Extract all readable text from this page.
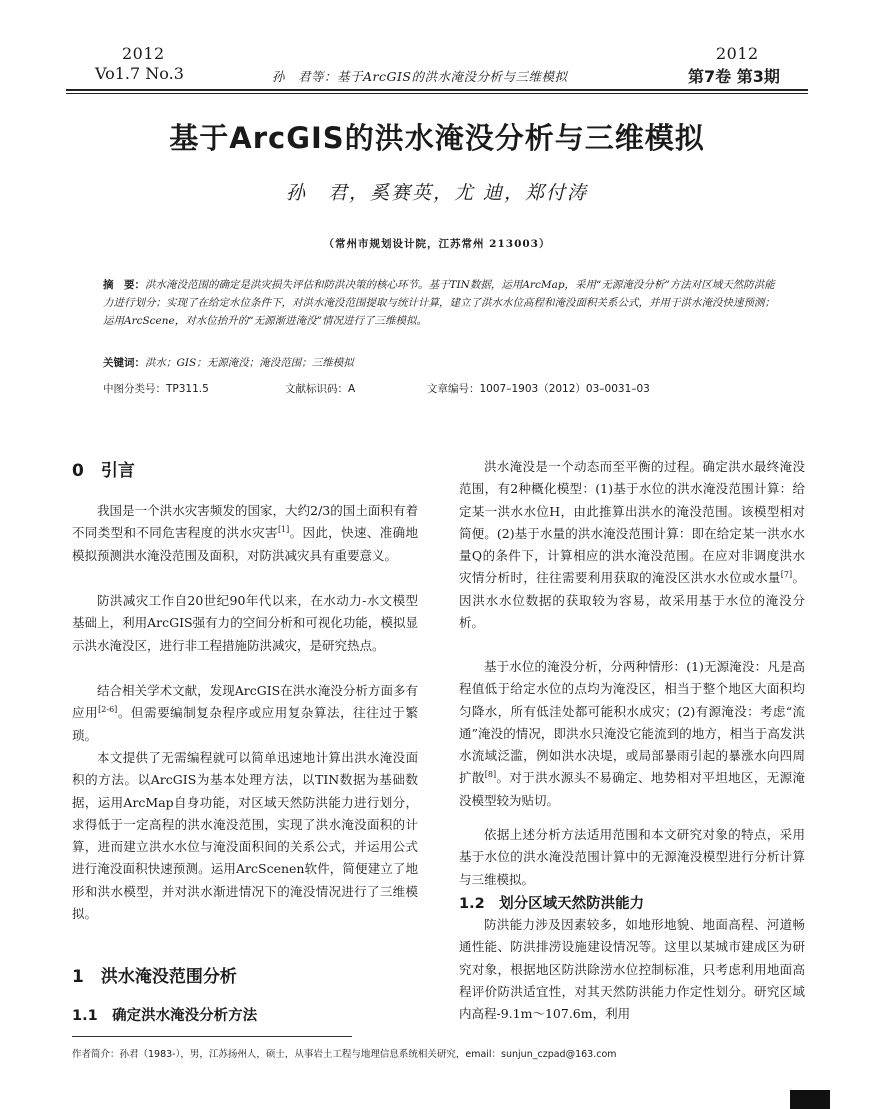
2012	2012
Vo1.7 No.3	孙　君等：基于ArcGIS的洪水淹没分析与三维模拟	第7卷 第3期
基于ArcGIS的洪水淹没分析与三维模拟
孙　君，奚赛英，尤 迪，郑付涛
（常州市规划设计院，江苏常州 213003）
摘　要：洪水淹没范围的确定是洪灾损失评估和防洪决策的核心环节。基于TIN数据，运用ArcMap，采用“无源淹没分析”方法对区域天然防洪能力进行划分；实现了在给定水位条件下，对洪水淹没范围提取与统计计算，建立了洪水水位高程和淹没面积关系公式，并用于洪水淹没快速预测；运用ArcScene，对水位抬升的“无源渐进淹没”情况进行了三维模拟。
关键词：洪水；GIS；无源淹没；淹没范围；三维模拟
中图分类号：TP311.5	文献标识码：A	文章编号：1007–1903（2012）03–0031–03
0　引言
我国是一个洪水灾害频发的国家，大约2/3的国土面积有着不同类型和不同危害程度的洪水灾害[1]。因此，快速、准确地模拟预测洪水淹没范围及面积，对防洪减灾具有重要意义。
防洪减灾工作自20世纪90年代以来，在水动力-水文模型基础上，利用ArcGIS强有力的空间分析和可视化功能，模拟显示洪水淹没区，进行非工程措施防洪减灾，是研究热点。
结合相关学术文献，发现ArcGIS在洪水淹没分析方面多有应用[2-6]。但需要编制复杂程序或应用复杂算法，往往过于繁琐。
本文提供了无需编程就可以简单迅速地计算出洪水淹没面积的方法。以ArcGIS为基本处理方法，以TIN数据为基础数据，运用ArcMap自身功能，对区域天然防洪能力进行划分，求得低于一定高程的洪水淹没范围，实现了洪水淹没面积的计算，进而建立洪水水位与淹没面积间的关系公式，并运用公式进行淹没面积快速预测。运用ArcScenen软件，简便建立了地形和洪水模型，并对洪水渐进情况下的淹没情况进行了三维模拟。
1　洪水淹没范围分析
1.1　确定洪水淹没分析方法
洪水淹没是一个动态而至平衡的过程。确定洪水最终淹没范围，有2种概化模型：(1)基于水位的洪水淹没范围计算：给定某一洪水水位H，由此推算出洪水的淹没范围。该模型相对简便。(2)基于水量的洪水淹没范围计算：即在给定某一洪水水量Q的条件下，计算相应的洪水淹没范围。在应对非调度洪水灾情分析时，往往需要利用获取的淹没区洪水水位或水量[7]。因洪水水位数据的获取较为容易，故采用基于水位的淹没分析。
基于水位的淹没分析，分两种情形：(1)无源淹没：凡是高程值低于给定水位的点均为淹没区，相当于整个地区大面积均匀降水，所有低洼处都可能积水成灾；(2)有源淹没：考虑“流通”淹没的情况，即洪水只淹没它能流到的地方，相当于高发洪水流域泛滥，例如洪水决堤，或局部暴雨引起的暴涨水向四周扩散[8]。对于洪水源头不易确定、地势相对平坦地区，无源淹没模型较为贴切。
依据上述分析方法适用范围和本文研究对象的特点，采用基于水位的洪水淹没范围计算中的无源淹没模型进行分析计算与三维模拟。
1.2　划分区域天然防洪能力
防洪能力涉及因素较多，如地形地貌、地面高程、河道畅通性能、防洪排涝设施建设情况等。这里以某城市建成区为研究对象，根据地区防洪除涝水位控制标准，只考虑利用地面高程评价防洪适宜性，对其天然防洪能力作定性划分。研究区域内高程-9.1m～107.6m，利用
作者简介：孙君（1983-），男，江苏扬州人，硕士，从事岩土工程与地理信息系统相关研究，email：sunjun_czpad@163.com
